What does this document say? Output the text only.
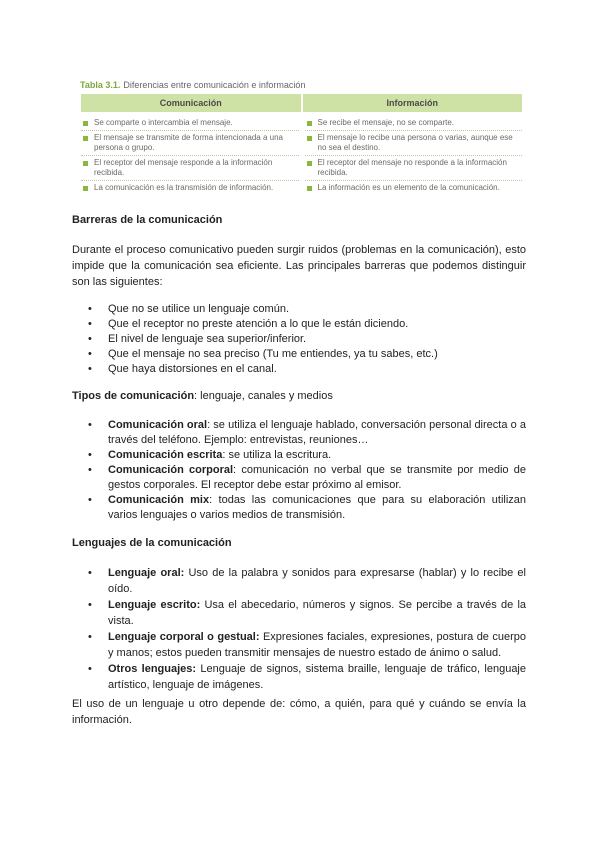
Tabla 3.1. Diferencias entre comunicación e información
Comunicación	Información
Se comparte o intercambia el mensaje.
El mensaje se transmite de forma intencionada a una persona o grupo.
El receptor del mensaje responde a la información recibida.
La comunicación es la transmisión de información.
Se recibe el mensaje, no se comparte.
El mensaje lo recibe una persona o varias, aunque ese no sea el destino.
El receptor del mensaje no responde a la información recibida.
La información es un elemento de la comunicación.
Barreras de la comunicación
Durante el proceso comunicativo pueden surgir ruidos (problemas en la comunicación), esto impide que la comunicación sea eficiente. Las principales barreras que podemos distinguir son las siguientes:
• Que no se utilice un lenguaje común.
• Que el receptor no preste atención a lo que le están diciendo.
• El nivel de lenguaje sea superior/inferior.
• Que el mensaje no sea preciso (Tu me entiendes, ya tu sabes, etc.)
• Que haya distorsiones en el canal.
Tipos de comunicación: lenguaje, canales y medios
• Comunicación oral: se utiliza el lenguaje hablado, conversación personal directa o a través del teléfono. Ejemplo: entrevistas, reuniones…
• Comunicación escrita: se utiliza la escritura.
• Comunicación corporal: comunicación no verbal que se transmite por medio de gestos corporales. El receptor debe estar próximo al emisor.
• Comunicación mix: todas las comunicaciones que para su elaboración utilizan varios lenguajes o varios medios de transmisión.
Lenguajes de la comunicación
• Lenguaje oral: Uso de la palabra y sonidos para expresarse (hablar) y lo recibe el oído.
• Lenguaje escrito: Usa el abecedario, números y signos. Se percibe a través de la vista.
• Lenguaje corporal o gestual: Expresiones faciales, expresiones, postura de cuerpo y manos; estos pueden transmitir mensajes de nuestro estado de ánimo o salud.
• Otros lenguajes: Lenguaje de signos, sistema braille, lenguaje de tráfico, lenguaje artístico, lenguaje de imágenes.
El uso de un lenguaje u otro depende de: cómo, a quién, para qué y cuándo se envía la información.
